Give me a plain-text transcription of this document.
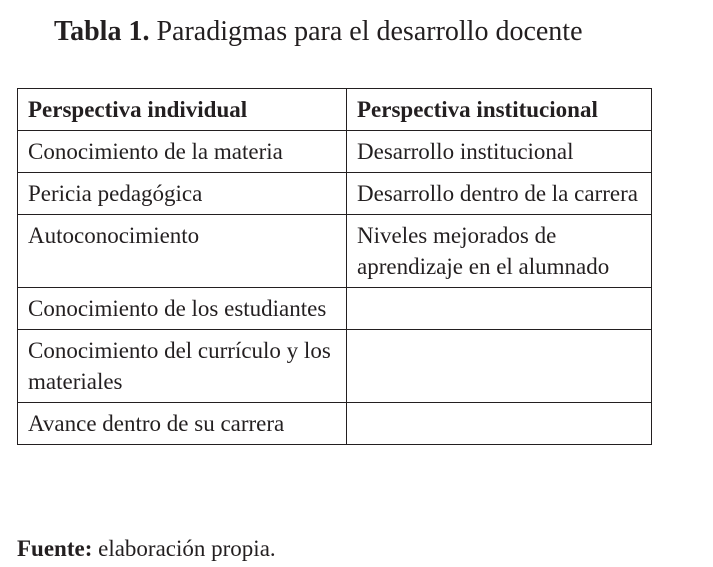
Tabla 1. Paradigmas para el desarrollo docente
Perspectiva individual	Perspectiva institucional
Conocimiento de la materia	Desarrollo institucional
Pericia pedagógica	Desarrollo dentro de la carrera
Autoconocimiento	Niveles mejorados de aprendizaje en el alumnado
Conocimiento de los estudiantes	
Conocimiento del currículo y los materiales	
Avance dentro de su carrera	

Fuente: elaboración propia.
